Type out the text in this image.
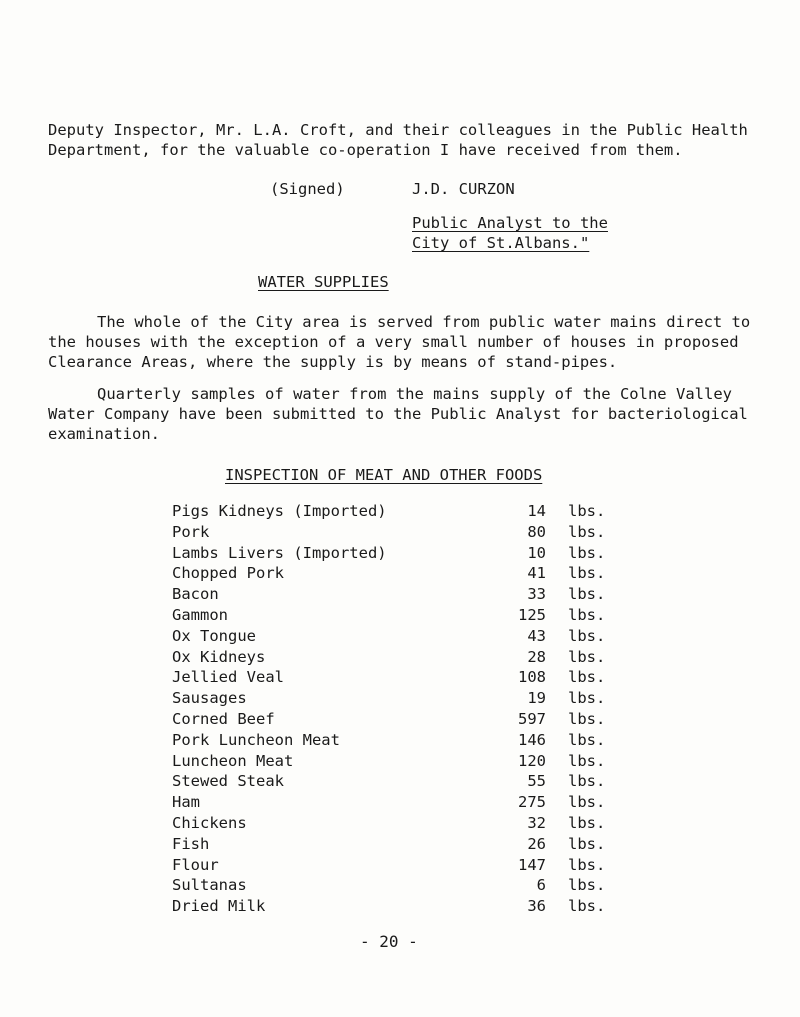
Deputy Inspector, Mr. L.A. Croft, and their colleagues in the Public Health
Department, for the valuable co-operation I have received from them.
(Signed)	J.D. CURZON
Public Analyst to the
City of St.Albans."
WATER SUPPLIES
The whole of the City area is served from public water mains direct to
the houses with the exception of a very small number of houses in proposed
Clearance Areas, where the supply is by means of stand-pipes.
Quarterly samples of water from the mains supply of the Colne Valley
Water Company have been submitted to the Public Analyst for bacteriological
examination.
INSPECTION OF MEAT AND OTHER FOODS
Pigs Kidneys (Imported)	14 lbs.
Pork	80 lbs.
Lambs Livers (Imported)	10 lbs.
Chopped Pork	41 lbs.
Bacon	33 lbs.
Gammon	125 lbs.
Ox Tongue	43 lbs.
Ox Kidneys	28 lbs.
Jellied Veal	108 lbs.
Sausages	19 lbs.
Corned Beef	597 lbs.
Pork Luncheon Meat	146 lbs.
Luncheon Meat	120 lbs.
Stewed Steak	55 lbs.
Ham	275 lbs.
Chickens	32 lbs.
Fish	26 lbs.
Flour	147 lbs.
Sultanas	6 lbs.
Dried Milk	36 lbs.
- 20 -
